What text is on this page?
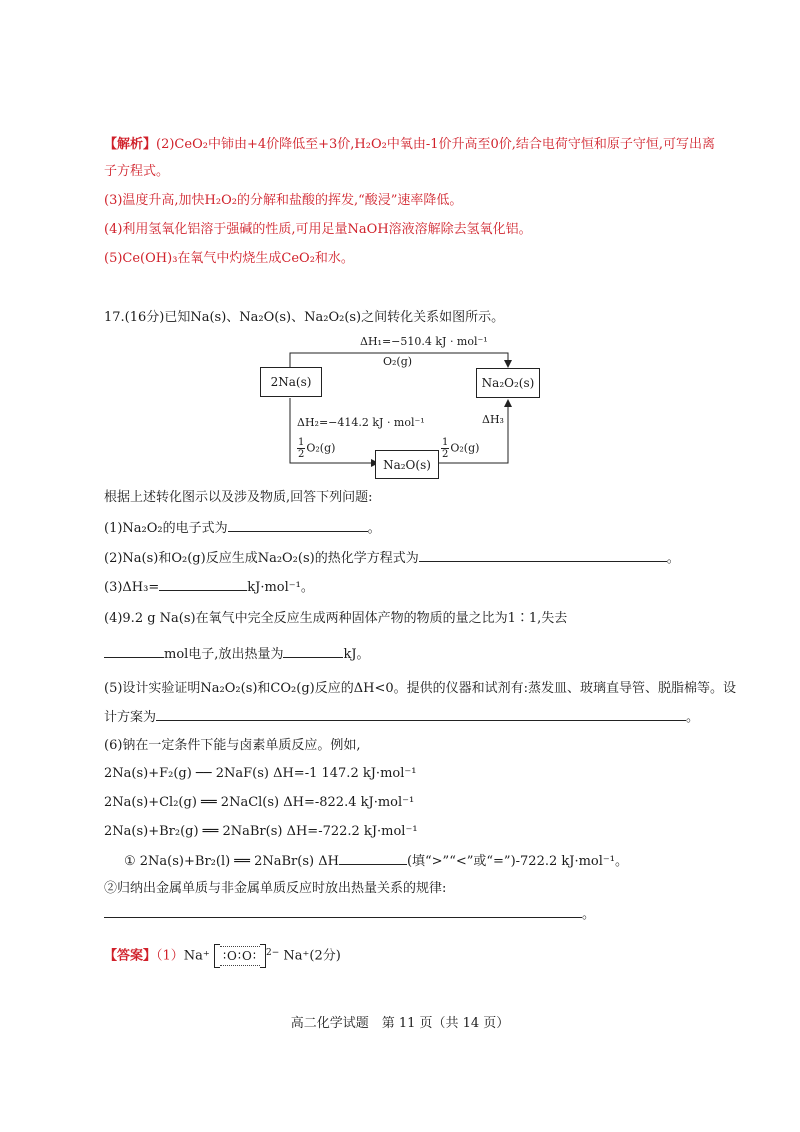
【解析】(2)CeO₂中铈由+4价降低至+3价,H₂O₂中氧由-1价升高至0价,结合电荷守恒和原子守恒,可写出离
子方程式。
(3)温度升高,加快H₂O₂的分解和盐酸的挥发,“酸浸”速率降低。
(4)利用氢氧化铝溶于强碱的性质,可用足量NaOH溶液溶解除去氢氧化铝。
(5)Ce(OH)₃在氧气中灼烧生成CeO₂和水。
17.(16分)已知Na(s)、Na₂O(s)、Na₂O₂(s)之间转化关系如图所示。
ΔH₁=−510.4 kJ · mol⁻¹
O₂(g)
2Na(s)	Na₂O₂(s)
ΔH₂=−414.2 kJ · mol⁻¹	ΔH₃
$\frac{1}{2} O_2(g)$
Na₂O(s)
$\frac{1}{2} O_2(g)$
根据上述转化图示以及涉及物质,回答下列问题:
(1)Na₂O₂的电子式为	。
(2)Na(s)和O₂(g)反应生成Na₂O₂(s)的热化学方程式为	。
(3)ΔH₃=	kJ·mol⁻¹。
(4)9.2 g Na(s)在氧气中完全反应生成两种固体产物的物质的量之比为1∶1,失去
mol电子,放出热量为	kJ。
(5)设计实验证明Na₂O₂(s)和CO₂(g)反应的ΔH<0。提供的仪器和试剂有:蒸发皿、玻璃直导管、脱脂棉等。设
计方案为	。
(6)钠在一定条件下能与卤素单质反应。例如,
2Na(s)+F₂(g) ── 2NaF(s) ΔH=-1 147.2 kJ·mol⁻¹
2Na(s)+Cl₂(g) ══ 2NaCl(s) ΔH=-822.4 kJ·mol⁻¹
2Na(s)+Br₂(g) ══ 2NaBr(s) ΔH=-722.2 kJ·mol⁻¹
① 2Na(s)+Br₂(l) ══ 2NaBr(s) ΔH	(填“>”“<”或“=”)-722.2 kJ·mol⁻¹。
②归纳出金属单质与非金属单质反应时放出热量关系的规律:
。
【答案】（1）Na⁺ ∶O∶O∶	$^{2-}$ Na⁺(2分)
高二化学试题　第 11 页（共 14 页）
